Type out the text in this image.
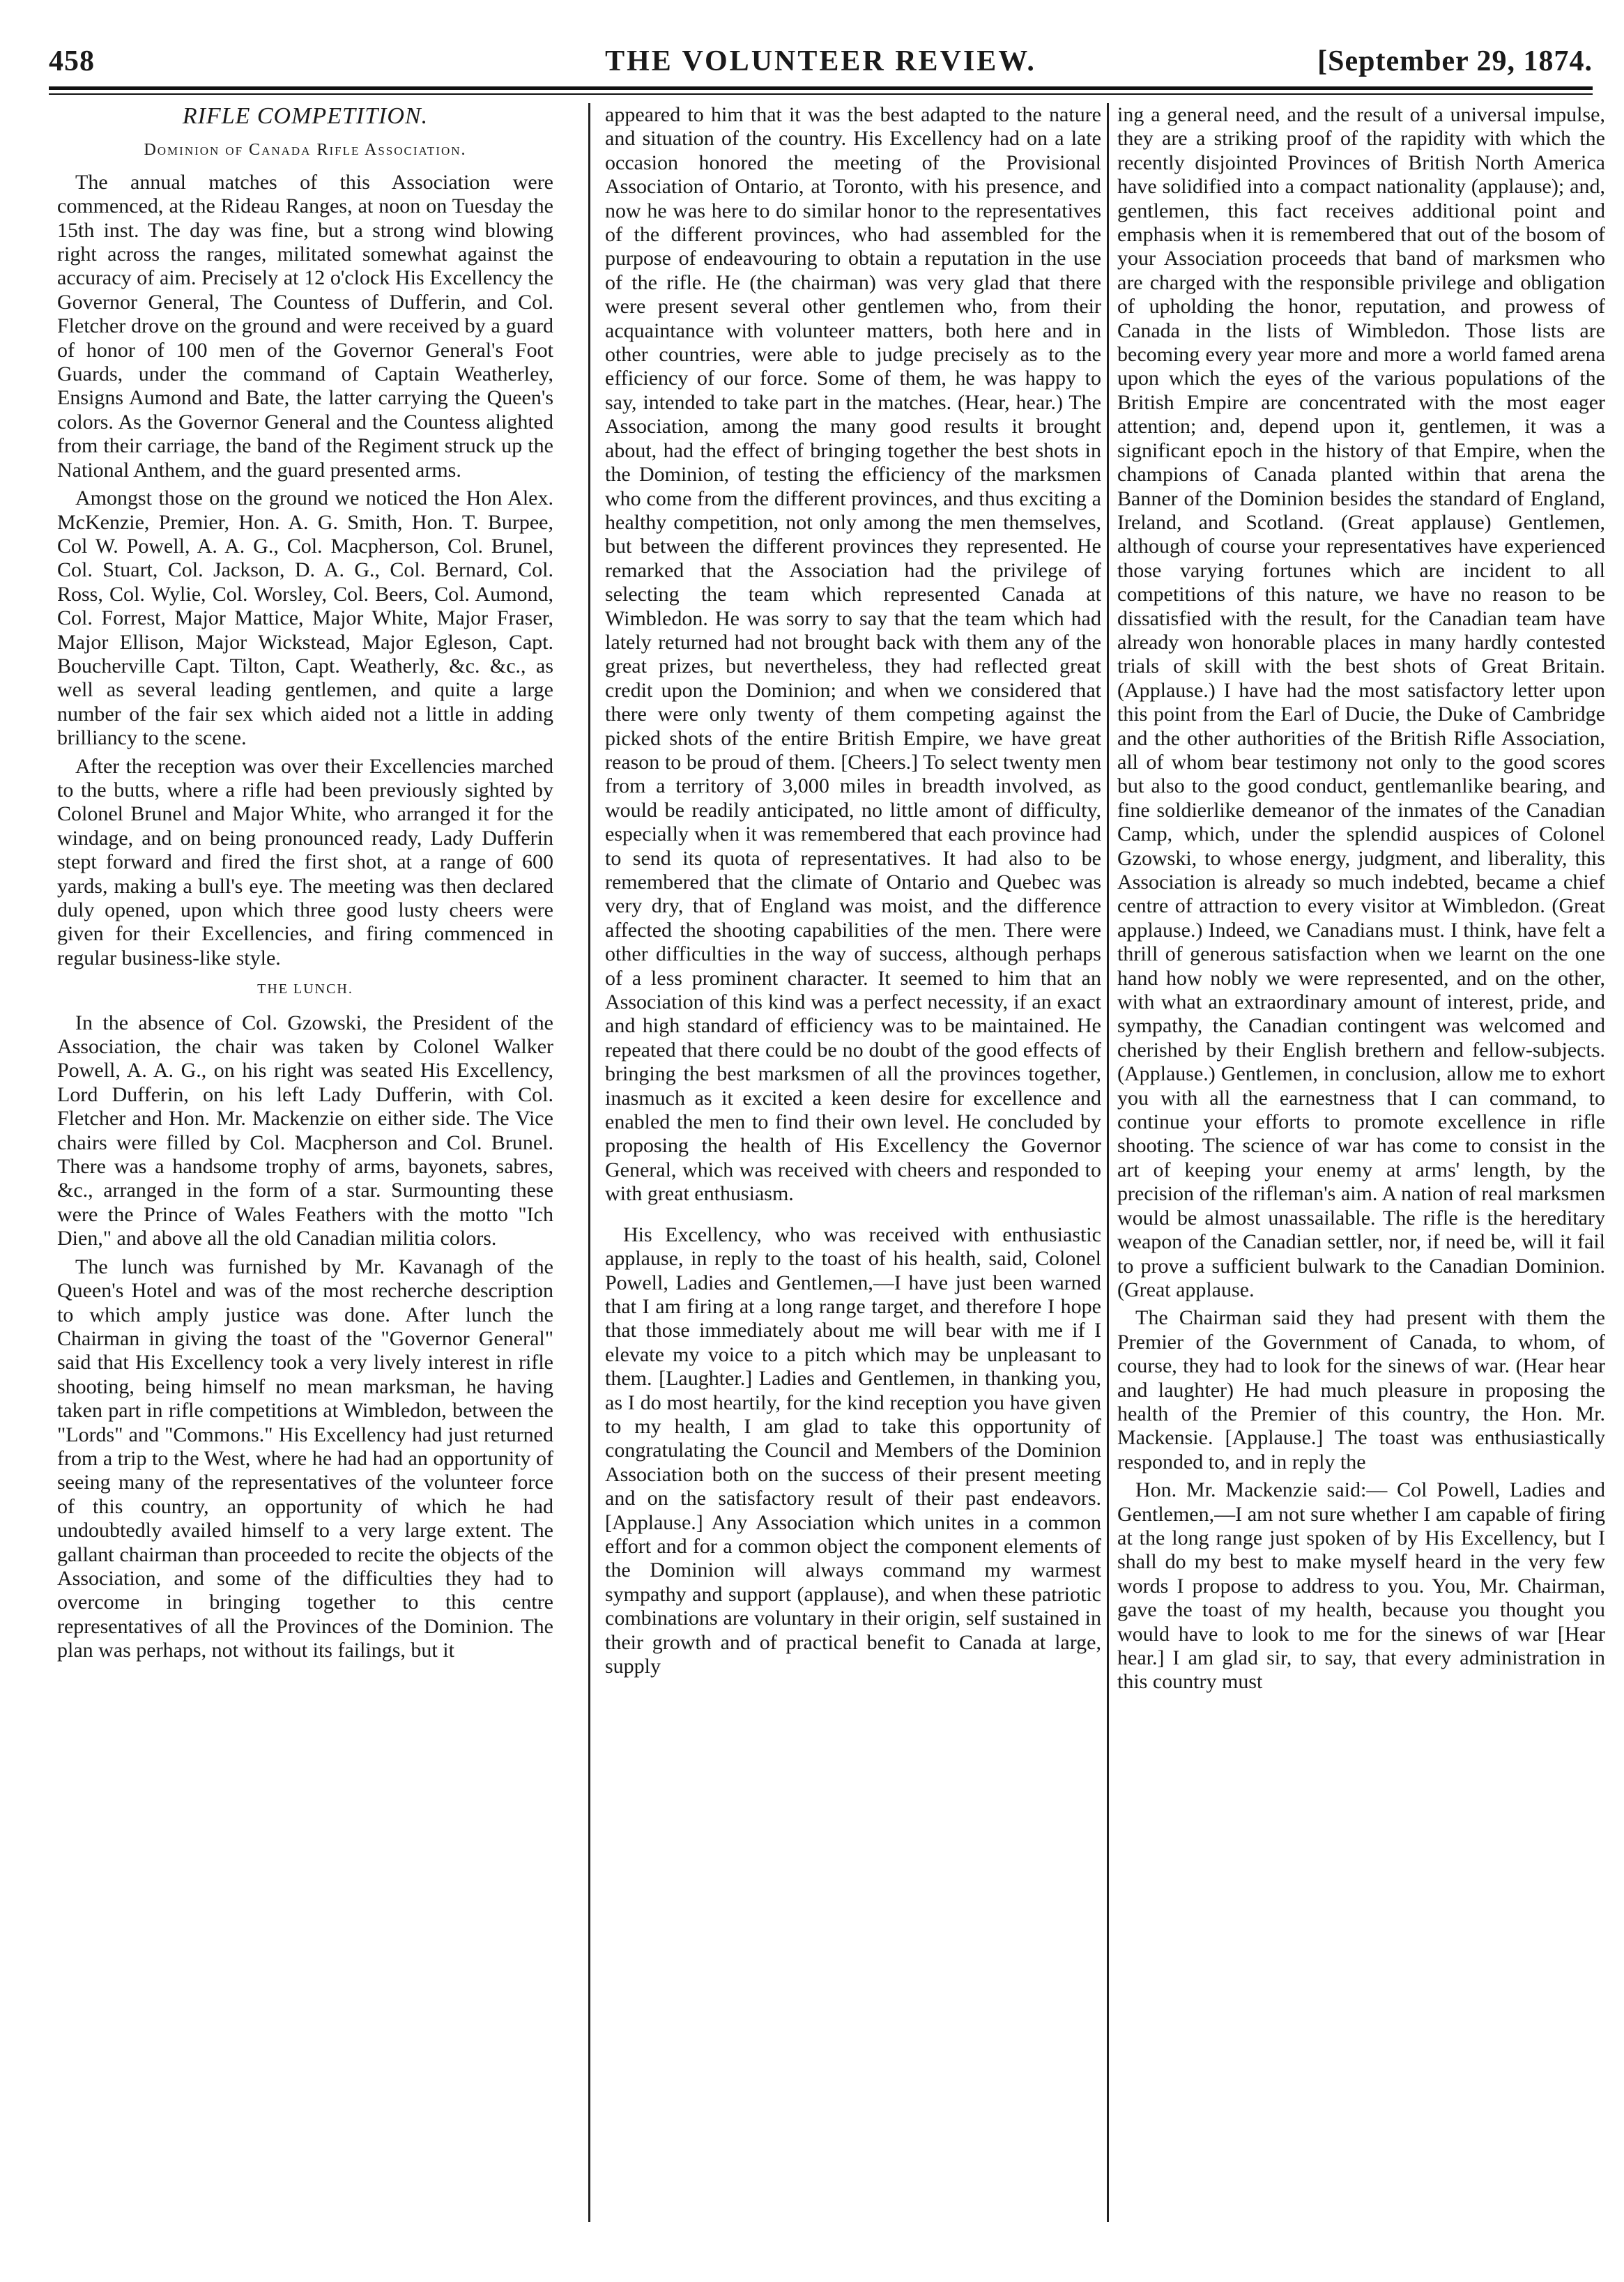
458	THE VOLUNTEER REVIEW.	[September 29, 1874.
RIFLE COMPETITION.
Dominion of Canada Rifle Association.

The annual matches of this Association were commenced, at the Rideau Ranges, at noon on Tuesday the 15th inst. The day was fine, but a strong wind blowing right across the ranges, militated somewhat against the accuracy of aim. Precisely at 12 o'clock His Excellency the Governor General, The Countess of Dufferin, and Col. Fletcher drove on the ground and were received by a guard of honor of 100 men of the Governor General's Foot Guards, under the command of Captain Weatherley, Ensigns Aumond and Bate, the latter carrying the Queen's colors. As the Governor General and the Countess alighted from their carriage, the band of the Regiment struck up the National Anthem, and the guard presented arms.

Amongst those on the ground we noticed the Hon Alex. McKenzie, Premier, Hon. A. G. Smith, Hon. T. Burpee, Col W. Powell, A. A. G., Col. Macpherson, Col. Brunel, Col. Stuart, Col. Jackson, D. A. G., Col. Bernard, Col. Ross, Col. Wylie, Col. Worsley, Col. Beers, Col. Aumond, Col. Forrest, Major Mattice, Major White, Major Fraser, Major Ellison, Major Wickstead, Major Egleson, Capt. Boucherville Capt. Tilton, Capt. Weatherly, &c. &c., as well as several leading gentlemen, and quite a large number of the fair sex which aided not a little in adding brilliancy to the scene.

After the reception was over their Excellencies marched to the butts, where a rifle had been previously sighted by Colonel Brunel and Major White, who arranged it for the windage, and on being pronounced ready, Lady Dufferin stept forward and fired the first shot, at a range of 600 yards, making a bull's eye. The meeting was then declared duly opened, upon which three good lusty cheers were given for their Excellencies, and firing commenced in regular business-like style.

THE LUNCH.

In the absence of Col. Gzowski, the President of the Association, the chair was taken by Colonel Walker Powell, A. A. G., on his right was seated His Excellency, Lord Dufferin, on his left Lady Dufferin, with Col. Fletcher and Hon. Mr. Mackenzie on either side. The Vice chairs were filled by Col. Macpherson and Col. Brunel. There was a handsome trophy of arms, bayonets, sabres, &c., arranged in the form of a star. Surmounting these were the Prince of Wales Feathers with the motto "Ich Dien," and above all the old Canadian militia colors.

The lunch was furnished by Mr. Kavanagh of the Queen's Hotel and was of the most recherche description to which amply justice was done. After lunch the Chairman in giving the toast of the "Governor General" said that His Excellency took a very lively interest in rifle shooting, being himself no mean marksman, he having taken part in rifle competitions at Wimbledon, between the "Lords" and "Commons." His Excellency had just returned from a trip to the West, where he had had an opportunity of seeing many of the representatives of the volunteer force of this country, an opportunity of which he had undoubtedly availed himself to a very large extent. The gallant chairman than proceeded to recite the objects of the Association, and some of the difficulties they had to overcome in bringing together to this centre representatives of all the Provinces of the Dominion. The plan was perhaps, not without its failings, but it

appeared to him that it was the best adapted to the nature and situation of the country. His Excellency had on a late occasion honored the meeting of the Provisional Association of Ontario, at Toronto, with his presence, and now he was here to do similar honor to the representatives of the different provinces, who had assembled for the purpose of endeavouring to obtain a reputation in the use of the rifle. He (the chairman) was very glad that there were present several other gentlemen who, from their acquaintance with volunteer matters, both here and in other countries, were able to judge precisely as to the efficiency of our force. Some of them, he was happy to say, intended to take part in the matches. (Hear, hear.) The Association, among the many good results it brought about, had the effect of bringing together the best shots in the Dominion, of testing the efficiency of the marksmen who come from the different provinces, and thus exciting a healthy competition, not only among the men themselves, but between the different provinces they represented. He remarked that the Association had the privilege of selecting the team which represented Canada at Wimbledon. He was sorry to say that the team which had lately returned had not brought back with them any of the great prizes, but nevertheless, they had reflected great credit upon the Dominion; and when we considered that there were only twenty of them competing against the picked shots of the entire British Empire, we have great reason to be proud of them. [Cheers.] To select twenty men from a territory of 3,000 miles in breadth involved, as would be readily anticipated, no little amont of difficulty, especially when it was remembered that each province had to send its quota of representatives. It had also to be remembered that the climate of Ontario and Quebec was very dry, that of England was moist, and the difference affected the shooting capabilities of the men. There were other difficulties in the way of success, although perhaps of a less prominent character. It seemed to him that an Association of this kind was a perfect necessity, if an exact and high standard of efficiency was to be maintained. He repeated that there could be no doubt of the good effects of bringing the best marksmen of all the provinces together, inasmuch as it excited a keen desire for excellence and enabled the men to find their own level. He concluded by proposing the health of His Excellency the Governor General, which was received with cheers and responded to with great enthusiasm.

His Excellency, who was received with enthusiastic applause, in reply to the toast of his health, said, Colonel Powell, Ladies and Gentlemen,—I have just been warned that I am firing at a long range target, and therefore I hope that those immediately about me will bear with me if I elevate my voice to a pitch which may be unpleasant to them. [Laughter.] Ladies and Gentlemen, in thanking you, as I do most heartily, for the kind reception you have given to my health, I am glad to take this opportunity of congratulating the Council and Members of the Dominion Association both on the success of their present meeting and on the satisfactory result of their past endeavors. [Applause.] Any Association which unites in a common effort and for a common object the component elements of the Dominion will always command my warmest sympathy and support (applause), and when these patriotic combinations are voluntary in their origin, self sustained in their growth and of practical benefit to Canada at large, supply

ing a general need, and the result of a universal impulse, they are a striking proof of the rapidity with which the recently disjointed Provinces of British North America have solidified into a compact nationality (applause); and, gentlemen, this fact receives additional point and emphasis when it is remembered that out of the bosom of your Association proceeds that band of marksmen who are charged with the responsible privilege and obligation of upholding the honor, reputation, and prowess of Canada in the lists of Wimbledon. Those lists are becoming every year more and more a world famed arena upon which the eyes of the various populations of the British Empire are concentrated with the most eager attention; and, depend upon it, gentlemen, it was a significant epoch in the history of that Empire, when the champions of Canada planted within that arena the Banner of the Dominion besides the standard of England, Ireland, and Scotland. (Great applause) Gentlemen, although of course your representatives have experienced those varying fortunes which are incident to all competitions of this nature, we have no reason to be dissatisfied with the result, for the Canadian team have already won honorable places in many hardly contested trials of skill with the best shots of Great Britain. (Applause.) I have had the most satisfactory letter upon this point from the Earl of Ducie, the Duke of Cambridge and the other authorities of the British Rifle Association, all of whom bear testimony not only to the good scores but also to the good conduct, gentlemanlike bearing, and fine soldierlike demeanor of the inmates of the Canadian Camp, which, under the splendid auspices of Colonel Gzowski, to whose energy, judgment, and liberality, this Association is already so much indebted, became a chief centre of attraction to every visitor at Wimbledon. (Great applause.) Indeed, we Canadians must. I think, have felt a thrill of generous satisfaction when we learnt on the one hand how nobly we were represented, and on the other, with what an extraordinary amount of interest, pride, and sympathy, the Canadian contingent was welcomed and cherished by their English brethern and fellow-subjects. (Applause.) Gentlemen, in conclusion, allow me to exhort you with all the earnestness that I can command, to continue your efforts to promote excellence in rifle shooting. The science of war has come to consist in the art of keeping your enemy at arms' length, by the precision of the rifleman's aim. A nation of real marksmen would be almost unassailable. The rifle is the hereditary weapon of the Canadian settler, nor, if need be, will it fail to prove a sufficient bulwark to the Canadian Dominion. (Great applause.

The Chairman said they had present with them the Premier of the Government of Canada, to whom, of course, they had to look for the sinews of war. (Hear hear and laughter) He had much pleasure in proposing the health of the Premier of this country, the Hon. Mr. Mackensie. [Applause.] The toast was enthusiastically responded to, and in reply the

Hon. Mr. Mackenzie said:— Col Powell, Ladies and Gentlemen,—I am not sure whether I am capable of firing at the long range just spoken of by His Excellency, but I shall do my best to make myself heard in the very few words I propose to address to you. You, Mr. Chairman, gave the toast of my health, because you thought you would have to look to me for the sinews of war [Hear hear.] I am glad sir, to say, that every administration in this country must
